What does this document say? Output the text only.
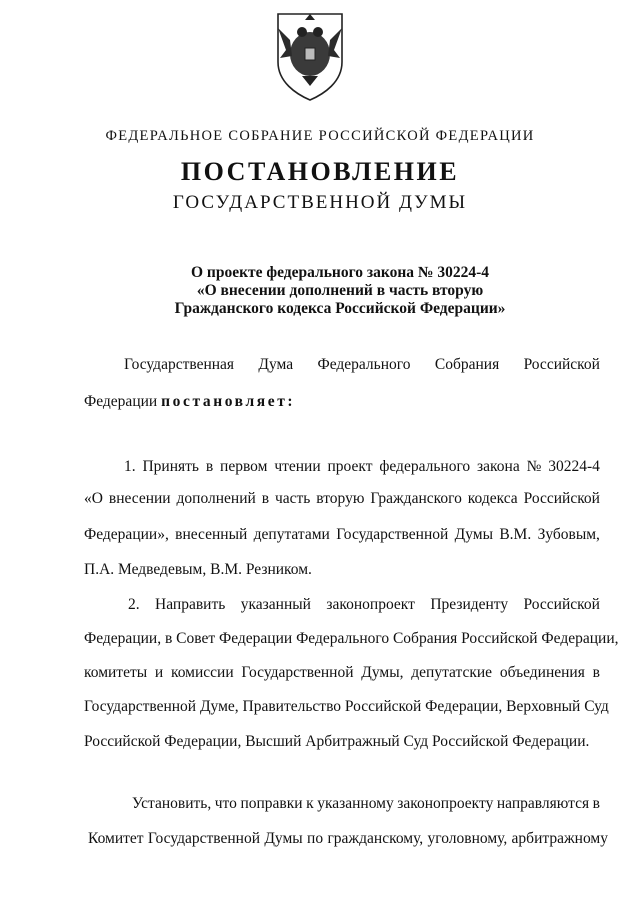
ФЕДЕРАЛЬНОЕ СОБРАНИЕ РОССИЙСКОЙ ФЕДЕРАЦИИ
ПОСТАНОВЛЕНИЕ
ГОСУДАРСТВЕННОЙ ДУМЫ
О проекте федерального закона № 30224-4
«О внесении дополнений в часть вторую
Гражданского кодекса Российской Федерации»
Государственная Дума Федерального Собрания Российской
Федерации постановляет:
1. Принять в первом чтении проект федерального закона № 30224-4
«О внесении дополнений в часть вторую Гражданского кодекса Российской
Федерации», внесенный депутатами Государственной Думы В.М. Зубовым,
П.А. Медведевым, В.М. Резником.
2. Направить указанный законопроект Президенту Российской
Федерации, в Совет Федерации Федерального Собрания Российской Федерации,
комитеты и комиссии Государственной Думы, депутатские объединения в
Государственной Думе, Правительство Российской Федерации, Верховный Суд
Российской Федерации, Высший Арбитражный Суд Российской Федерации.
Установить, что поправки к указанному законопроекту направляются в
Комитет Государственной Думы по гражданскому, уголовному, арбитражному
